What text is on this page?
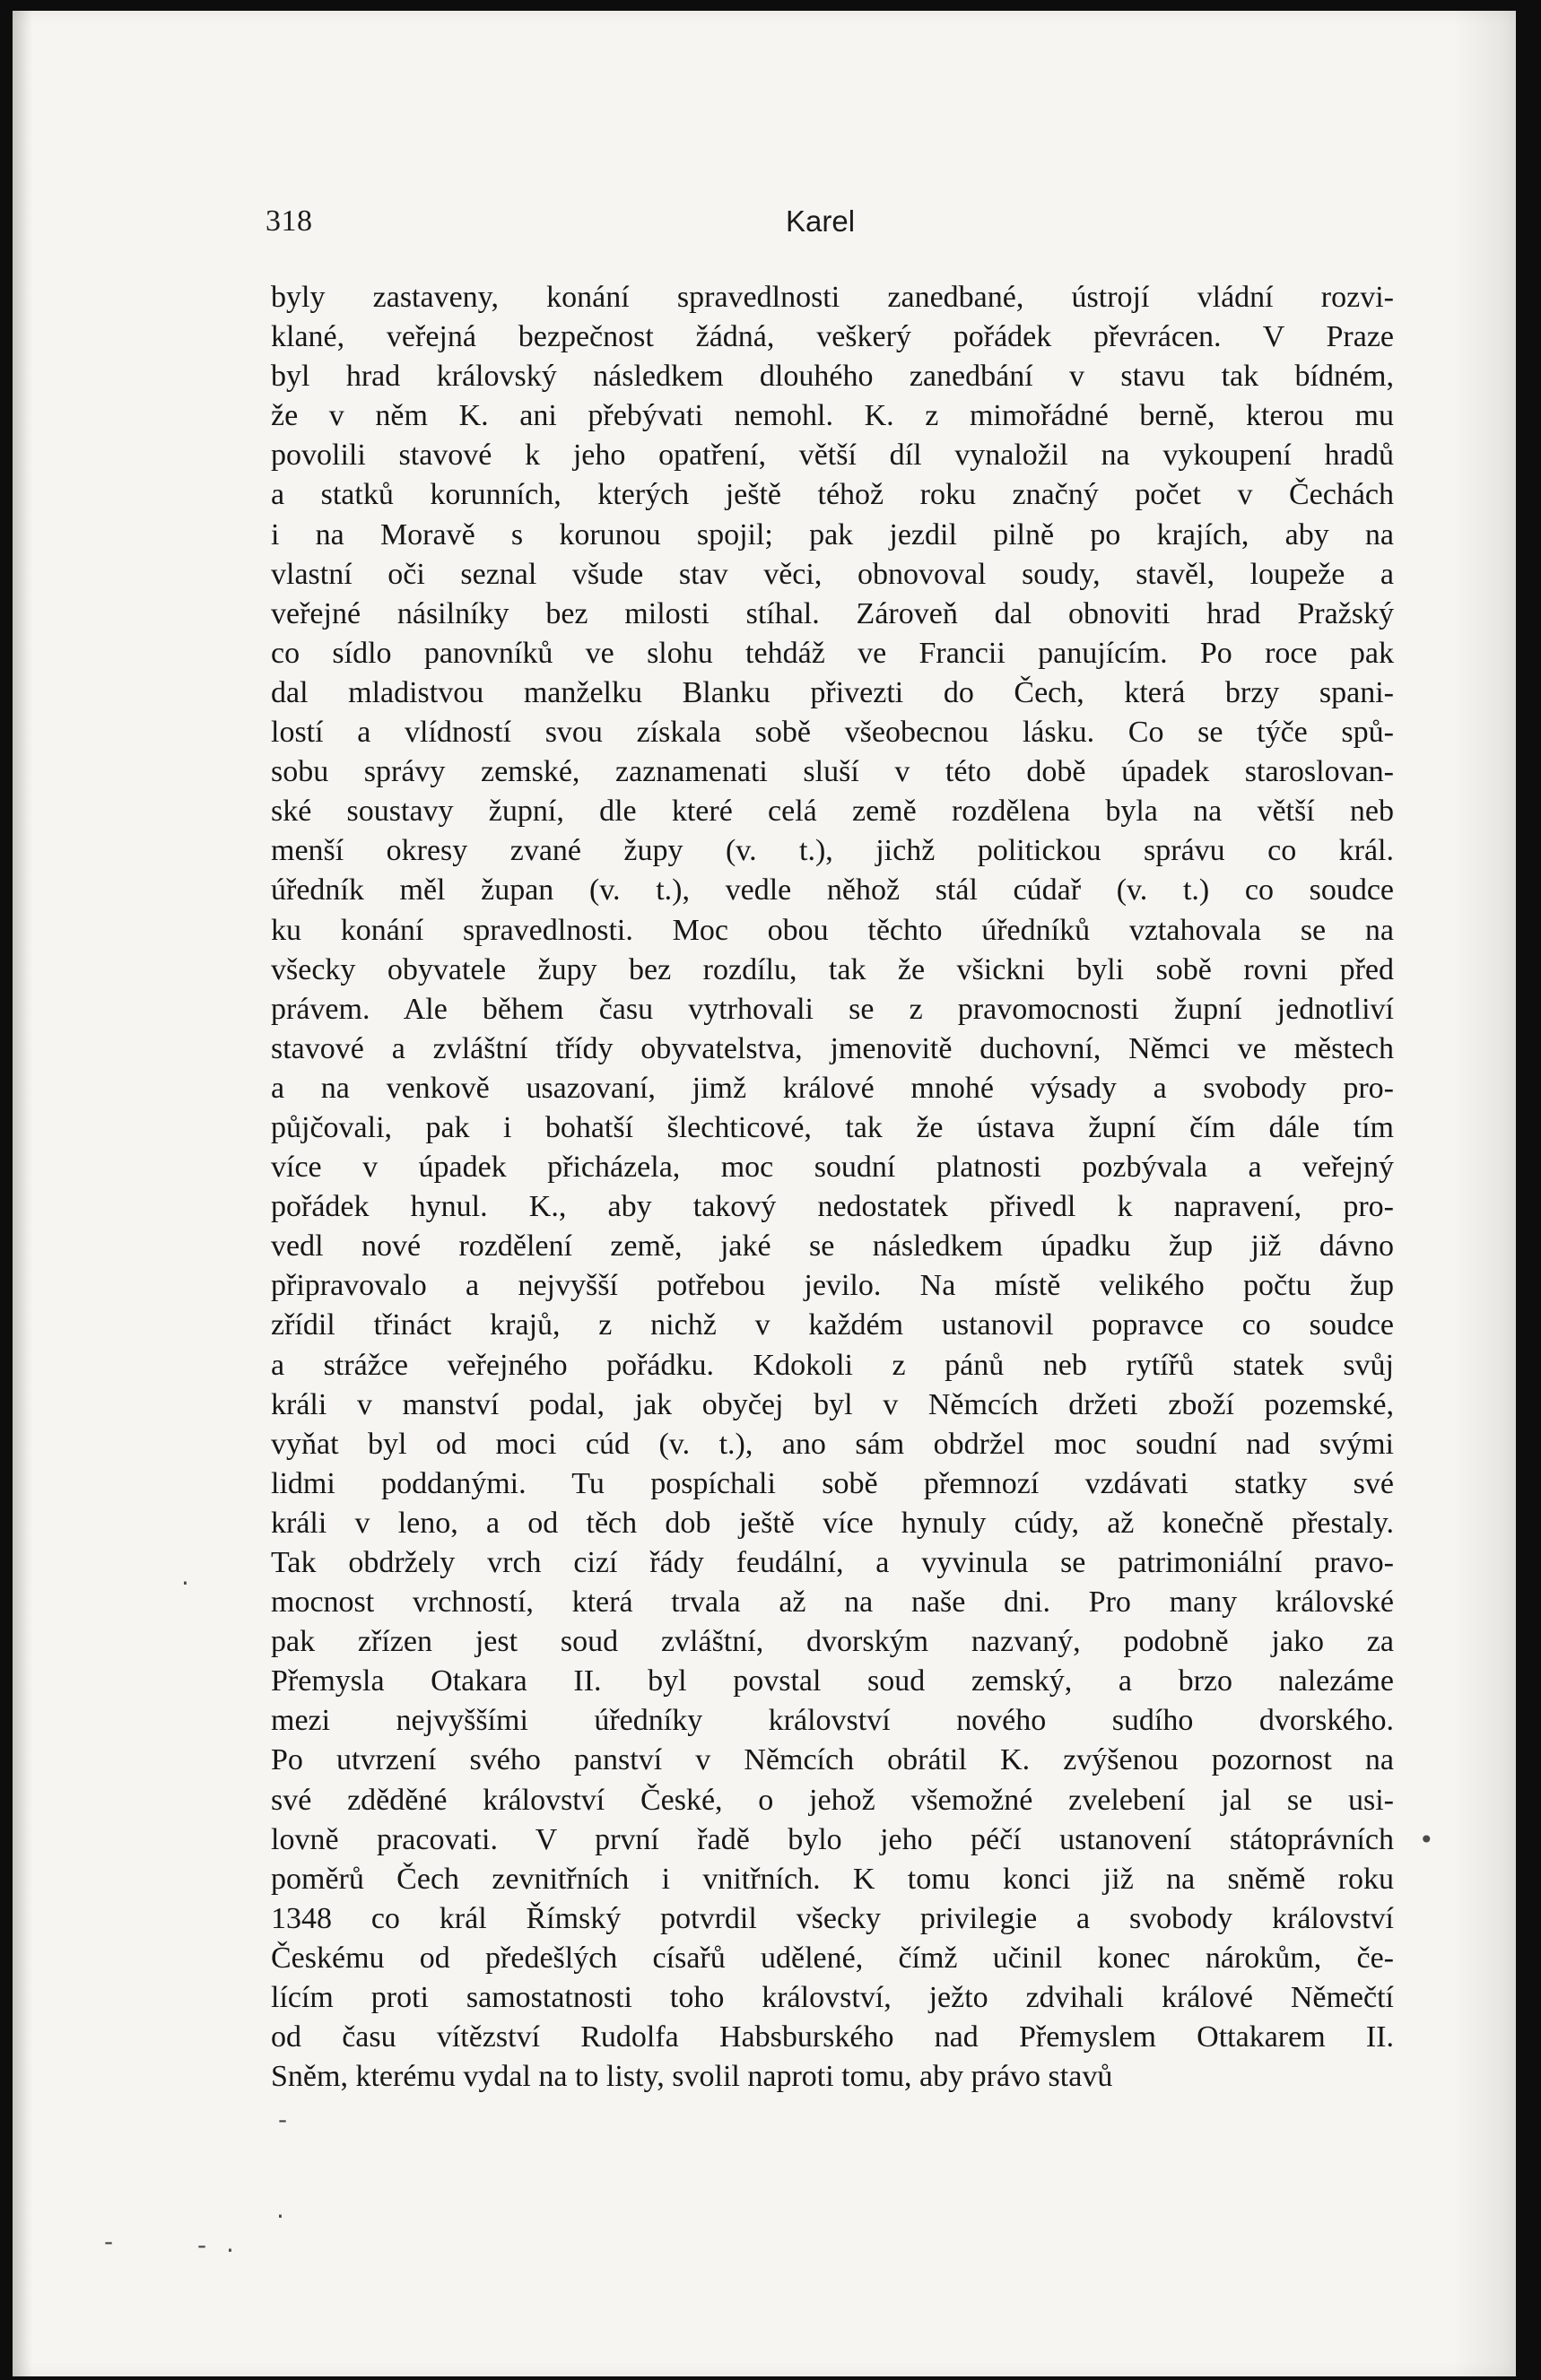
318	Karel
byly zastaveny, konání spravedlnosti zanedbané, ústrojí vládní rozvi-
klané, veřejná bezpečnost žádná, veškerý pořádek převrácen. V Praze
byl hrad královský následkem dlouhého zanedbání v stavu tak bídném,
že v něm K. ani přebývati nemohl. K. z mimořádné berně, kterou mu
povolili stavové k jeho opatření, větší díl vynaložil na vykoupení hradů
a statků korunních, kterých ještě téhož roku značný počet v Čechách
i na Moravě s korunou spojil; pak jezdil pilně po krajích, aby na
vlastní oči seznal všude stav věci, obnovoval soudy, stavěl, loupeže a
veřejné násilníky bez milosti stíhal. Zároveň dal obnoviti hrad Pražský
co sídlo panovníků ve slohu tehdáž ve Francii panujícím. Po roce pak
dal mladistvou manželku Blanku přivezti do Čech, která brzy spani-
lostí a vlídností svou získala sobě všeobecnou lásku. Co se týče spů-
sobu správy zemské, zaznamenati sluší v této době úpadek staroslovan-
ské soustavy župní, dle které celá země rozdělena byla na větší neb
menší okresy zvané župy (v. t.), jichž politickou správu co král.
úředník měl župan (v. t.), vedle něhož stál cúdař (v. t.) co soudce
ku konání spravedlnosti. Moc obou těchto úředníků vztahovala se na
všecky obyvatele župy bez rozdílu, tak že všickni byli sobě rovni před
právem. Ale během času vytrhovali se z pravomocnosti župní jednotliví
stavové a zvláštní třídy obyvatelstva, jmenovitě duchovní, Němci ve městech
a na venkově usazovaní, jimž králové mnohé výsady a svobody pro-
půjčovali, pak i bohatší šlechticové, tak že ústava župní čím dále tím
více v úpadek přicházela, moc soudní platnosti pozbývala a veřejný
pořádek hynul. K., aby takový nedostatek přivedl k napravení, pro-
vedl nové rozdělení země, jaké se následkem úpadku žup již dávno
připravovalo a nejvyšší potřebou jevilo. Na místě velikého počtu žup
zřídil třináct krajů, z nichž v každém ustanovil popravce co soudce
a strážce veřejného pořádku. Kdokoli z pánů neb rytířů statek svůj
králi v manství podal, jak obyčej byl v Němcích držeti zboží pozemské,
vyňat byl od moci cúd (v. t.), ano sám obdržel moc soudní nad svými
lidmi poddanými. Tu pospíchali sobě přemnozí vzdávati statky své
králi v leno, a od těch dob ještě více hynuly cúdy, až konečně přestaly.
Tak obdržely vrch cizí řády feudální, a vyvinula se patrimoniální pravo-
mocnost vrchností, která trvala až na naše dni. Pro many královské
pak zřízen jest soud zvláštní, dvorským nazvaný, podobně jako za
Přemysla Otakara II. byl povstal soud zemský, a brzo nalezáme
mezi nejvyššími úředníky království nového sudího dvorského.
Po utvrzení svého panství v Němcích obrátil K. zvýšenou pozornost na
své zděděné království České, o jehož všemožné zvelebení jal se usi-
lovně pracovati. V první řadě bylo jeho péčí ustanovení státoprávních
poměrů Čech zevnitřních i vnitřních. K tomu konci již na sněmě roku
1348 co král Římský potvrdil všecky privilegie a svobody království
Českému od předešlých císařů udělené, čímž učinil konec nárokům, če-
lícím proti samostatnosti toho království, ježto zdvihali králové Němečtí
od času vítězství Rudolfa Habsburského nad Přemyslem Ottakarem II.
Sněm, kterému vydal na to listy, svolil naproti tomu, aby právo stavů
·
•
-
·
-	- ·
